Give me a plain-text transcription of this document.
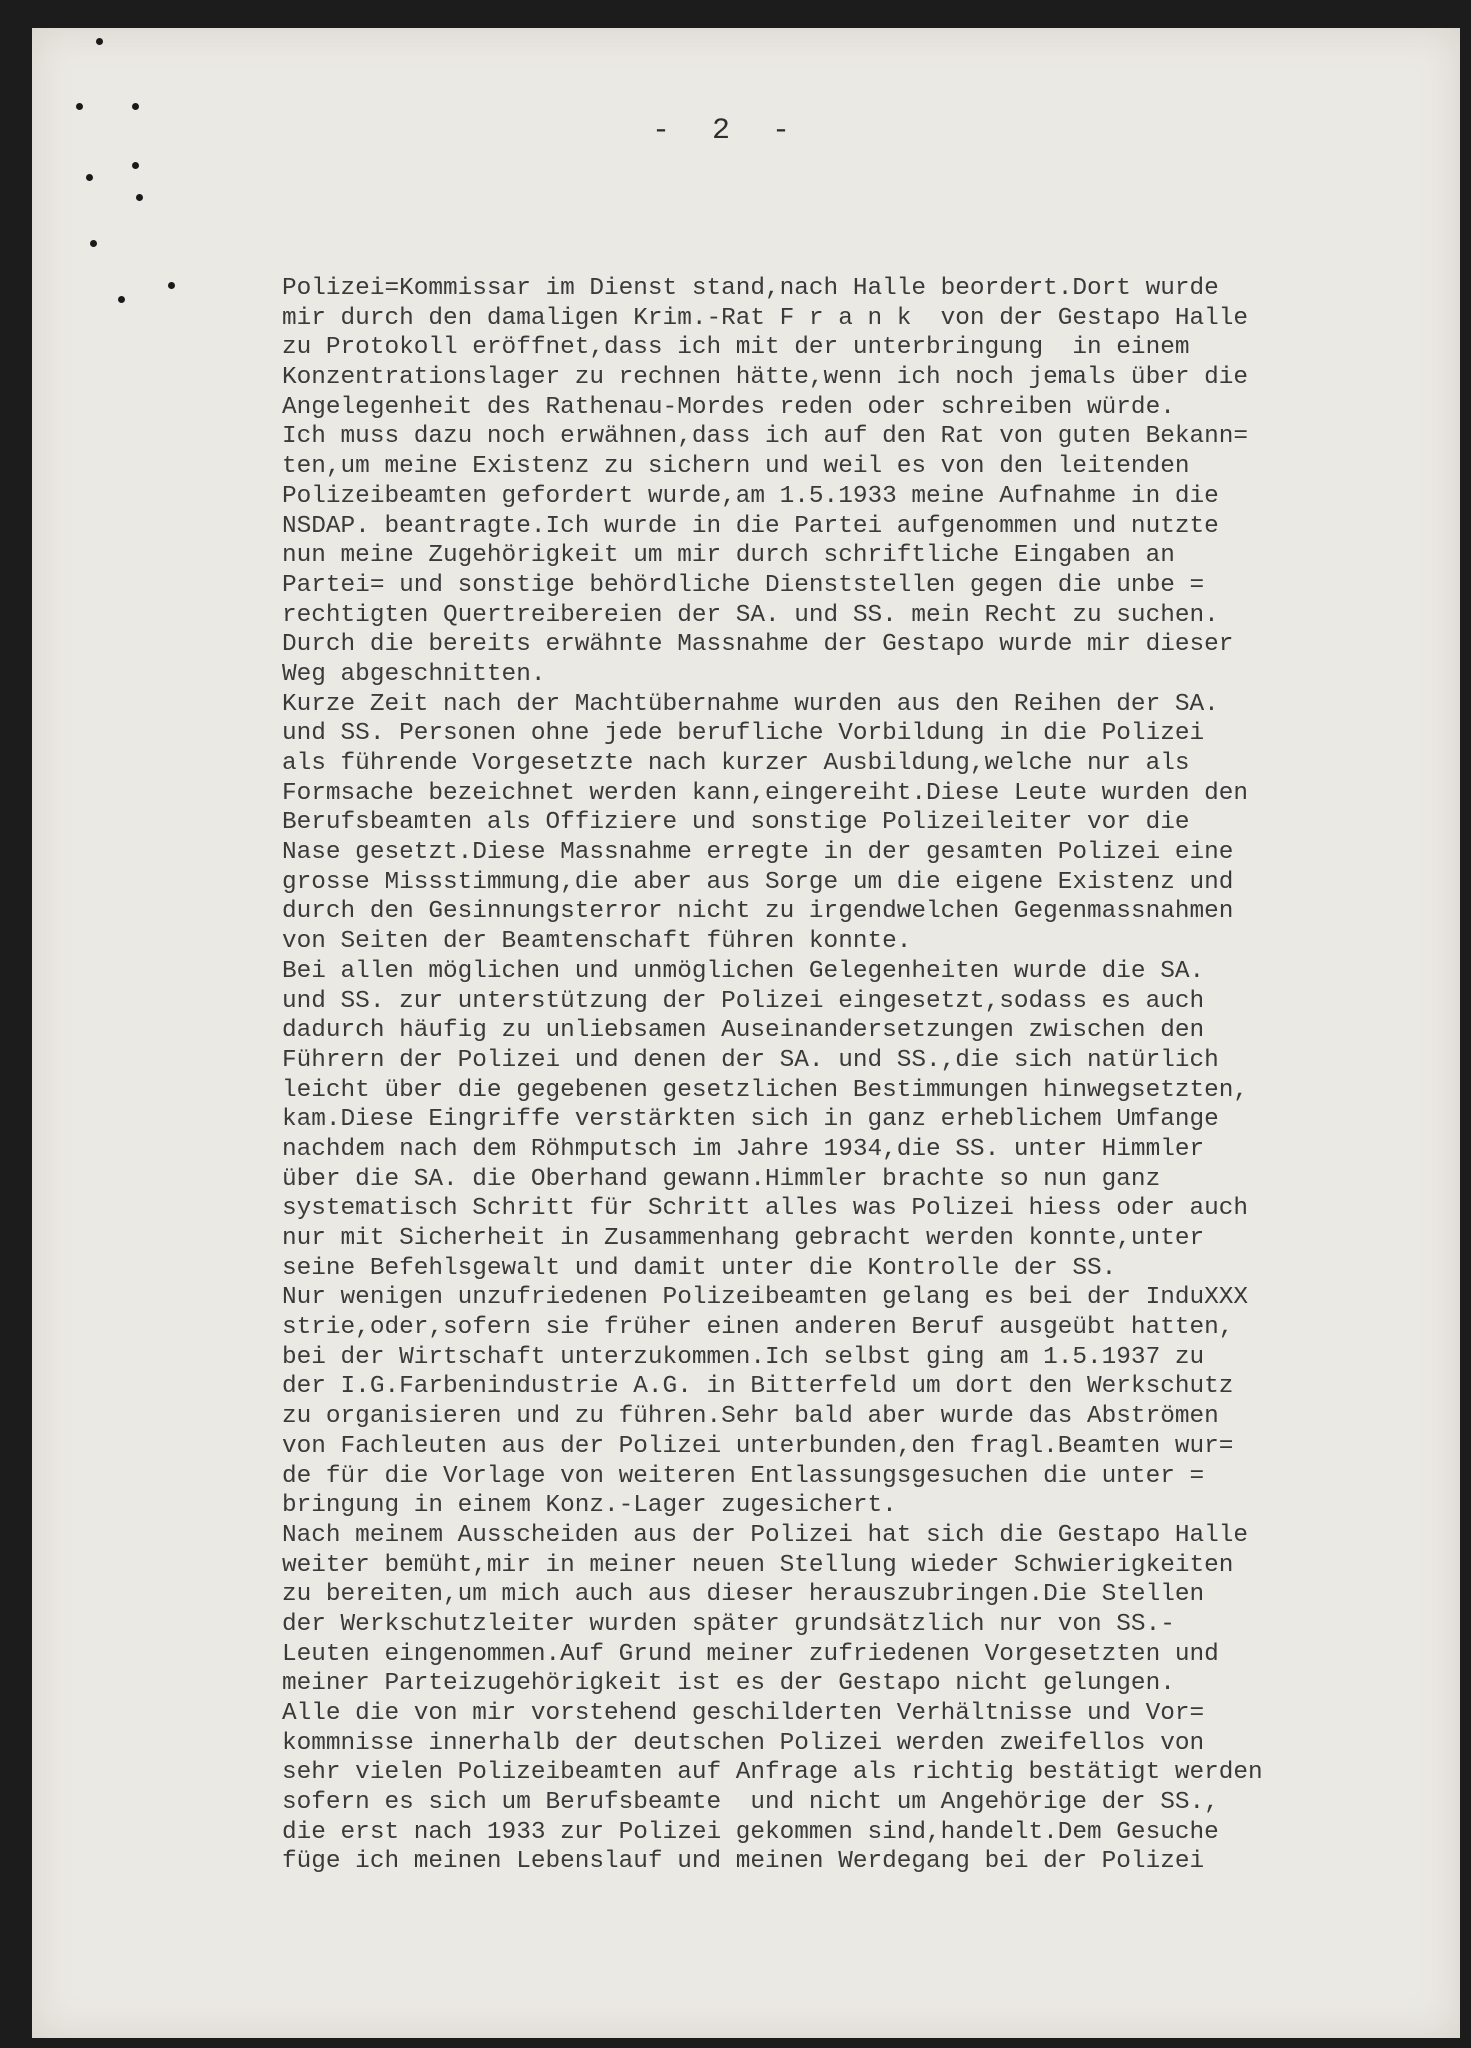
-  2  -
Polizei=Kommissar im Dienst stand,nach Halle beordert.Dort wurde
mir durch den damaligen Krim.-Rat F r a n k  von der Gestapo Halle
zu Protokoll eröffnet,dass ich mit der unterbringung  in einem
Konzentrationslager zu rechnen hätte,wenn ich noch jemals über die
Angelegenheit des Rathenau-Mordes reden oder schreiben würde.
Ich muss dazu noch erwähnen,dass ich auf den Rat von guten Bekann=
ten,um meine Existenz zu sichern und weil es von den leitenden
Polizeibeamten gefordert wurde,am 1.5.1933 meine Aufnahme in die
NSDAP. beantragte.Ich wurde in die Partei aufgenommen und nutzte
nun meine Zugehörigkeit um mir durch schriftliche Eingaben an
Partei= und sonstige behördliche Dienststellen gegen die unbe =
rechtigten Quertreibereien der SA. und SS. mein Recht zu suchen.
Durch die bereits erwähnte Massnahme der Gestapo wurde mir dieser
Weg abgeschnitten.
Kurze Zeit nach der Machtübernahme wurden aus den Reihen der SA.
und SS. Personen ohne jede berufliche Vorbildung in die Polizei
als führende Vorgesetzte nach kurzer Ausbildung,welche nur als
Formsache bezeichnet werden kann,eingereiht.Diese Leute wurden den
Berufsbeamten als Offiziere und sonstige Polizeileiter vor die
Nase gesetzt.Diese Massnahme erregte in der gesamten Polizei eine
grosse Missstimmung,die aber aus Sorge um die eigene Existenz und
durch den Gesinnungsterror nicht zu irgendwelchen Gegenmassnahmen
von Seiten der Beamtenschaft führen konnte.
Bei allen möglichen und unmöglichen Gelegenheiten wurde die SA.
und SS. zur unterstützung der Polizei eingesetzt,sodass es auch
dadurch häufig zu unliebsamen Auseinandersetzungen zwischen den
Führern der Polizei und denen der SA. und SS.,die sich natürlich
leicht über die gegebenen gesetzlichen Bestimmungen hinwegsetzten,
kam.Diese Eingriffe verstärkten sich in ganz erheblichem Umfange
nachdem nach dem Röhmputsch im Jahre 1934,die SS. unter Himmler
über die SA. die Oberhand gewann.Himmler brachte so nun ganz
systematisch Schritt für Schritt alles was Polizei hiess oder auch
nur mit Sicherheit in Zusammenhang gebracht werden konnte,unter
seine Befehlsgewalt und damit unter die Kontrolle der SS.
Nur wenigen unzufriedenen Polizeibeamten gelang es bei der InduXXX
strie,oder,sofern sie früher einen anderen Beruf ausgeübt hatten,
bei der Wirtschaft unterzukommen.Ich selbst ging am 1.5.1937 zu
der I.G.Farbenindustrie A.G. in Bitterfeld um dort den Werkschutz
zu organisieren und zu führen.Sehr bald aber wurde das Abströmen
von Fachleuten aus der Polizei unterbunden,den fragl.Beamten wur=
de für die Vorlage von weiteren Entlassungsgesuchen die unter =
bringung in einem Konz.-Lager zugesichert.
Nach meinem Ausscheiden aus der Polizei hat sich die Gestapo Halle
weiter bemüht,mir in meiner neuen Stellung wieder Schwierigkeiten
zu bereiten,um mich auch aus dieser herauszubringen.Die Stellen
der Werkschutzleiter wurden später grundsätzlich nur von SS.-
Leuten eingenommen.Auf Grund meiner zufriedenen Vorgesetzten und
meiner Parteizugehörigkeit ist es der Gestapo nicht gelungen.
Alle die von mir vorstehend geschilderten Verhältnisse und Vor=
kommnisse innerhalb der deutschen Polizei werden zweifellos von
sehr vielen Polizeibeamten auf Anfrage als richtig bestätigt werden
sofern es sich um Berufsbeamte  und nicht um Angehörige der SS.,
die erst nach 1933 zur Polizei gekommen sind,handelt.Dem Gesuche
füge ich meinen Lebenslauf und meinen Werdegang bei der Polizei
